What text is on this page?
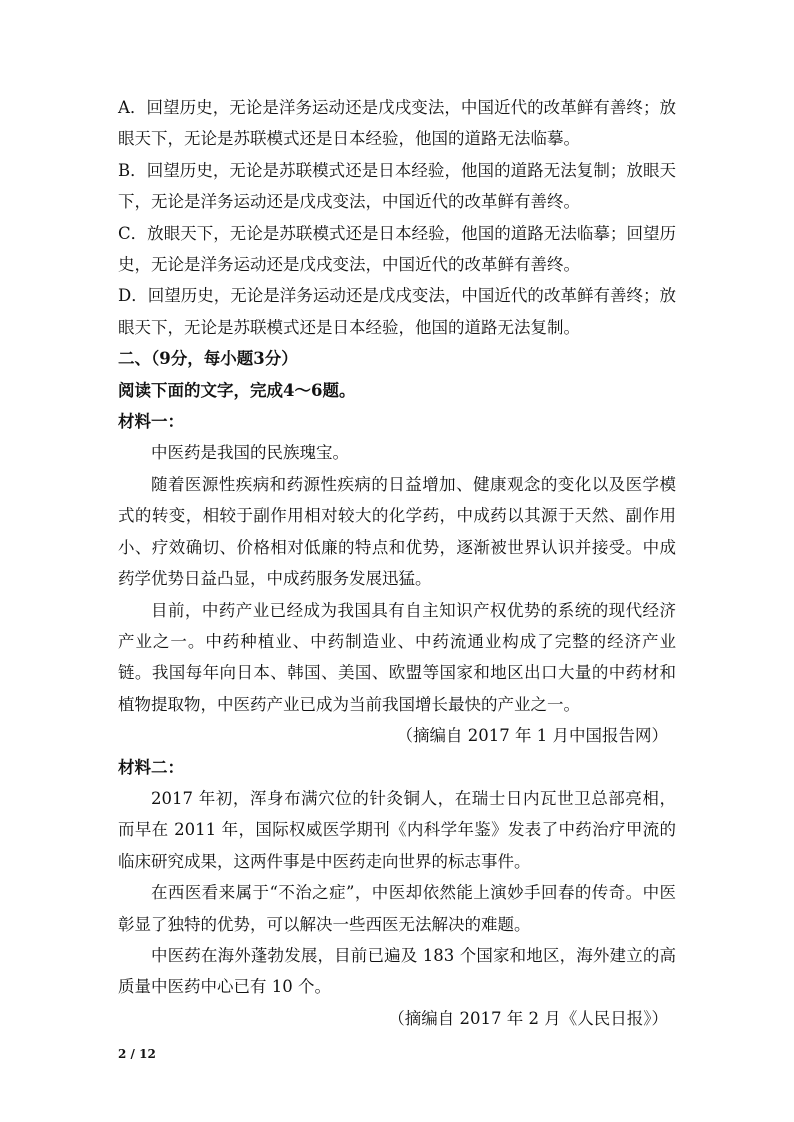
A．回望历史，无论是洋务运动还是戊戌变法，中国近代的改革鲜有善终；放眼天下，无论是苏联模式还是日本经验，他国的道路无法临摹。

B．回望历史，无论是苏联模式还是日本经验，他国的道路无法复制；放眼天下，无论是洋务运动还是戊戌变法，中国近代的改革鲜有善终。

C．放眼天下，无论是苏联模式还是日本经验，他国的道路无法临摹；回望历史，无论是洋务运动还是戊戌变法，中国近代的改革鲜有善终。

D．回望历史，无论是洋务运动还是戊戌变法，中国近代的改革鲜有善终；放眼天下，无论是苏联模式还是日本经验，他国的道路无法复制。

二、（9分，每小题3分）

阅读下面的文字，完成4～6题。

材料一：

中医药是我国的民族瑰宝。

随着医源性疾病和药源性疾病的日益增加、健康观念的变化以及医学模式的转变，相较于副作用相对较大的化学药，中成药以其源于天然、副作用小、疗效确切、价格相对低廉的特点和优势，逐渐被世界认识并接受。中成药学优势日益凸显，中成药服务发展迅猛。

目前，中药产业已经成为我国具有自主知识产权优势的系统的现代经济产业之一。中药种植业、中药制造业、中药流通业构成了完整的经济产业链。我国每年向日本、韩国、美国、欧盟等国家和地区出口大量的中药材和植物提取物，中医药产业已成为当前我国增长最快的产业之一。

（摘编自 2017 年 1 月中国报告网）

材料二：

2017 年初，浑身布满穴位的针灸铜人，在瑞士日内瓦世卫总部亮相，而早在 2011 年，国际权威医学期刊《内科学年鉴》发表了中药治疗甲流的临床研究成果，这两件事是中医药走向世界的标志事件。

在西医看来属于“不治之症”，中医却依然能上演妙手回春的传奇。中医彰显了独特的优势，可以解决一些西医无法解决的难题。

中医药在海外蓬勃发展，目前已遍及 183 个国家和地区，海外建立的高质量中医药中心已有 10 个。

（摘编自 2017 年 2 月《人民日报》）

2 / 12
